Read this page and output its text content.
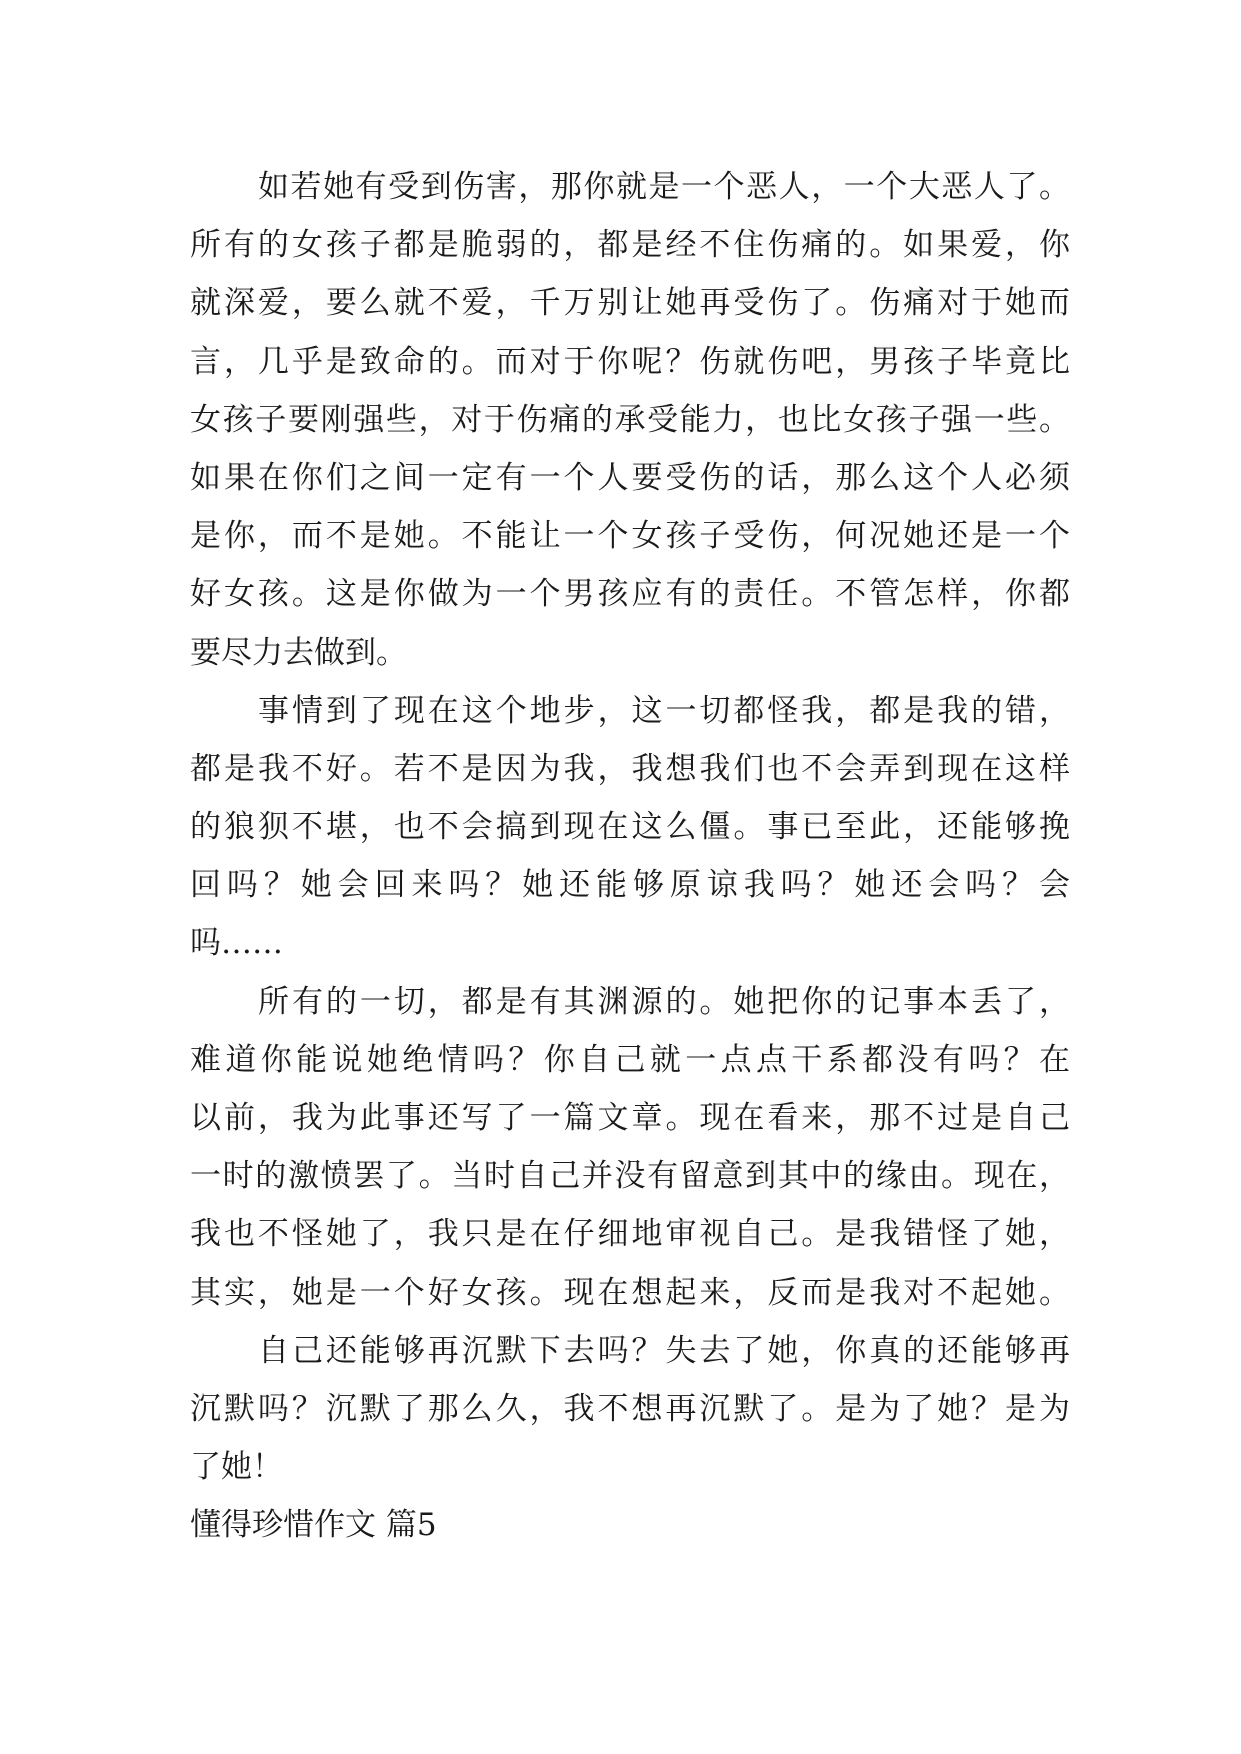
如若她有受到伤害，那你就是一个恶人，一个大恶人了。
所有的女孩子都是脆弱的，都是经不住伤痛的。如果爱，你
就深爱，要么就不爱，千万别让她再受伤了。伤痛对于她而
言，几乎是致命的。而对于你呢？伤就伤吧，男孩子毕竟比
女孩子要刚强些，对于伤痛的承受能力，也比女孩子强一些。
如果在你们之间一定有一个人要受伤的话，那么这个人必须
是你，而不是她。不能让一个女孩子受伤，何况她还是一个
好女孩。这是你做为一个男孩应有的责任。不管怎样，你都
要尽力去做到。
事情到了现在这个地步，这一切都怪我，都是我的错，
都是我不好。若不是因为我，我想我们也不会弄到现在这样
的狼狈不堪，也不会搞到现在这么僵。事已至此，还能够挽
回吗？她会回来吗？她还能够原谅我吗？她还会吗？会
吗……
所有的一切，都是有其渊源的。她把你的记事本丢了，
难道你能说她绝情吗？你自己就一点点干系都没有吗？在
以前，我为此事还写了一篇文章。现在看来，那不过是自己
一时的激愤罢了。当时自己并没有留意到其中的缘由。现在，
我也不怪她了，我只是在仔细地审视自己。是我错怪了她，
其实，她是一个好女孩。现在想起来，反而是我对不起她。
自己还能够再沉默下去吗？失去了她，你真的还能够再
沉默吗？沉默了那么久，我不想再沉默了。是为了她？是为
了她！
懂得珍惜作文 篇5
